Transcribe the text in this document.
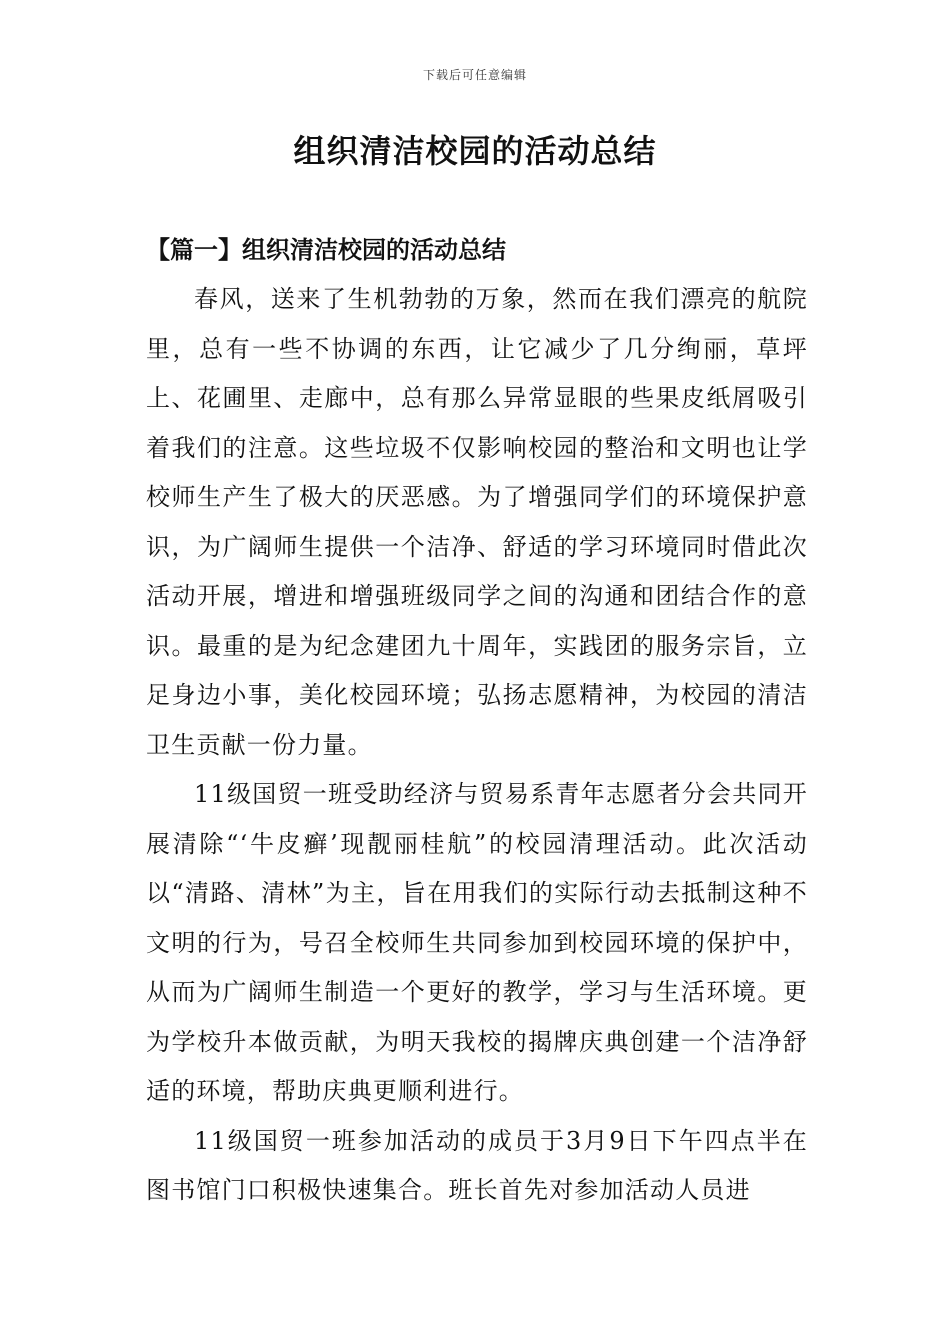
下载后可任意编辑
组织清洁校园的活动总结
【篇一】组织清洁校园的活动总结

春风，送来了生机勃勃的万象，然而在我们漂亮的航院里，总有一些不协调的东西，让它减少了几分绚丽，草坪上、花圃里、走廊中，总有那么异常显眼的些果皮纸屑吸引着我们的注意。这些垃圾不仅影响校园的整治和文明也让学校师生产生了极大的厌恶感。为了增强同学们的环境保护意识，为广阔师生提供一个洁净、舒适的学习环境同时借此次活动开展，增进和增强班级同学之间的沟通和团结合作的意识。最重的是为纪念建团九十周年，实践团的服务宗旨，立足身边小事，美化校园环境；弘扬志愿精神，为校园的清洁卫生贡献一份力量。

11级国贸一班受助经济与贸易系青年志愿者分会共同开展清除“‘牛皮癣’现靓丽桂航”的校园清理活动。此次活动以“清路、清林”为主，旨在用我们的实际行动去抵制这种不文明的行为，号召全校师生共同参加到校园环境的保护中，从而为广阔师生制造一个更好的教学，学习与生活环境。更为学校升本做贡献，为明天我校的揭牌庆典创建一个洁净舒适的环境，帮助庆典更顺利进行。

11级国贸一班参加活动的成员于3月9日下午四点半在图书馆门口积极快速集合。班长首先对参加活动人员进
